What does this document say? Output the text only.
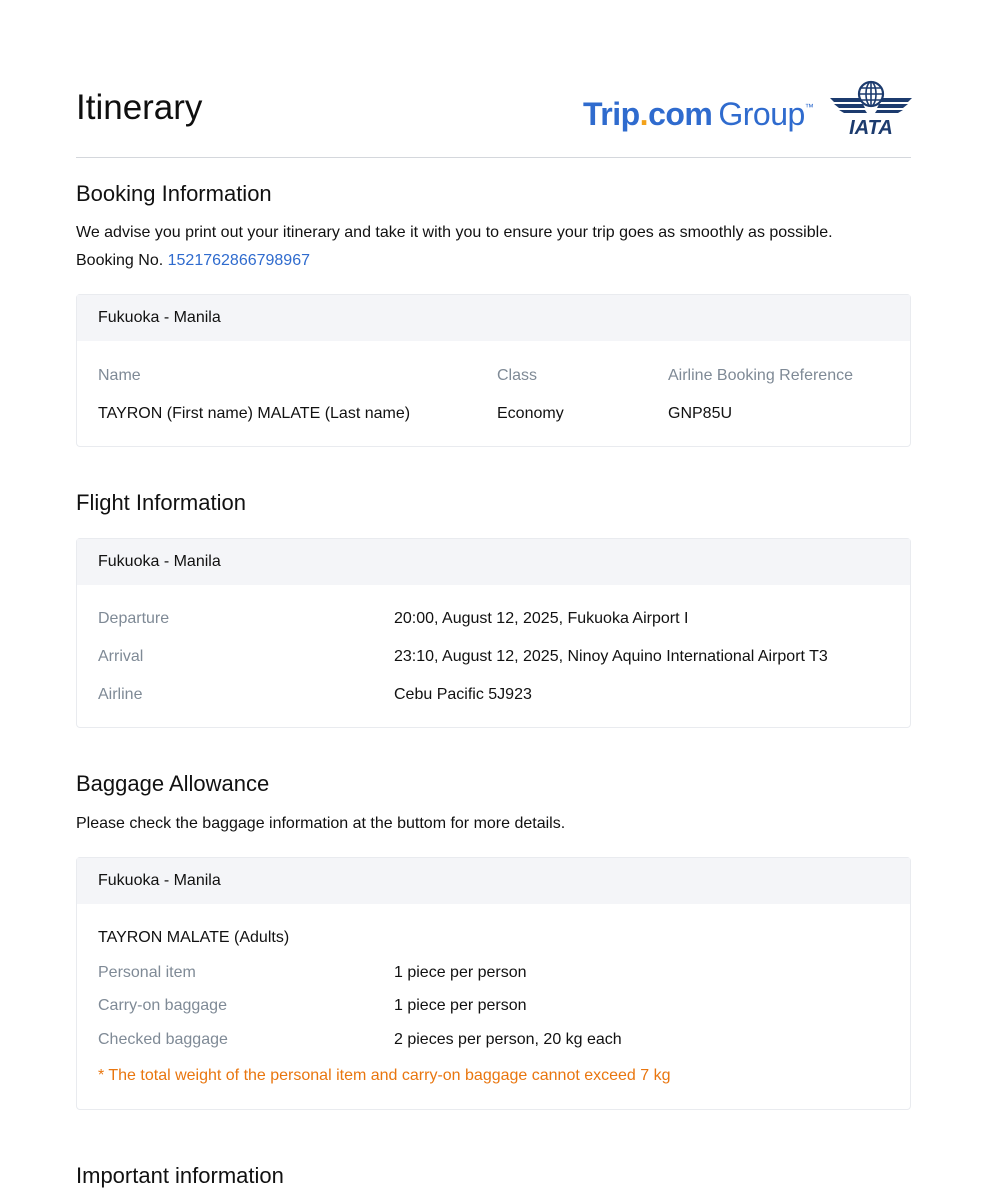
Itinerary	Trip.com Group™
IATA
Booking Information

We advise you print out your itinerary and take it with you to ensure your trip goes as smoothly as possible.

Booking No. 1521762866798967

Fukuoka - Manila
Name	Class	Airline Booking Reference
TAYRON (First name) MALATE (Last name)	Economy	GNP85U
Flight Information
Fukuoka - Manila
Departure	20:00, August 12, 2025, Fukuoka Airport I
Arrival	23:10, August 12, 2025, Ninoy Aquino International Airport T3
Airline	Cebu Pacific 5J923
Baggage Allowance

Please check the baggage information at the buttom for more details.

Fukuoka - Manila
TAYRON MALATE (Adults)
Personal item	1 piece per person
Carry-on baggage	1 piece per person
Checked baggage	2 pieces per person, 20 kg each
* The total weight of the personal item and carry-on baggage cannot exceed 7 kg
Important information
